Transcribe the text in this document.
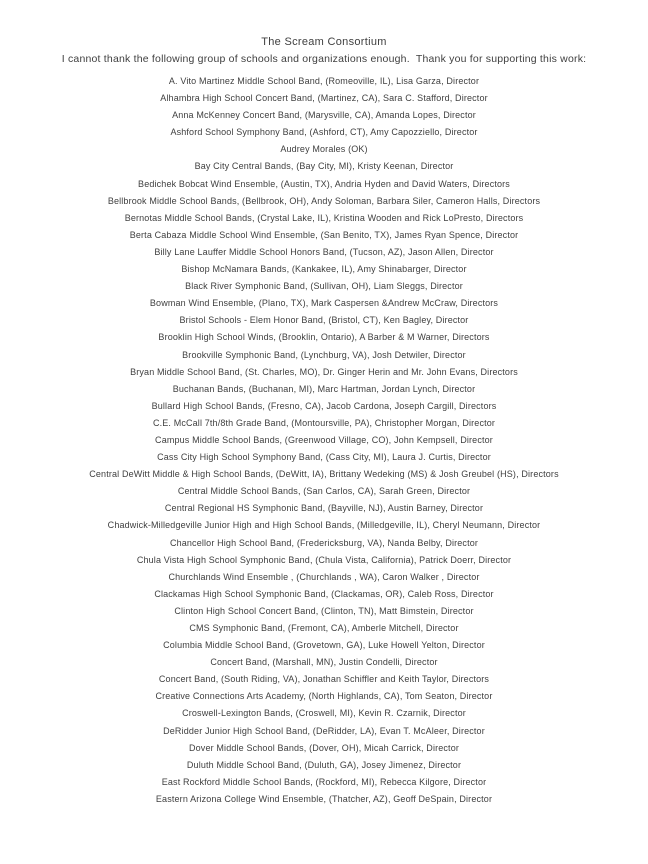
The Scream Consortium
I cannot thank the following group of schools and organizations enough.  Thank you for supporting this work:

A. Vito Martinez Middle School Band, (Romeoville, IL), Lisa Garza, Director

Alhambra High School Concert Band, (Martinez, CA), Sara C. Stafford, Director

Anna McKenney Concert Band, (Marysville, CA), Amanda Lopes, Director

Ashford School Symphony Band, (Ashford, CT), Amy Capozziello, Director

Audrey Morales (OK)

Bay City Central Bands, (Bay City, MI), Kristy Keenan, Director

Bedichek Bobcat Wind Ensemble, (Austin, TX), Andria Hyden and David Waters, Directors

Bellbrook Middle School Bands, (Bellbrook, OH), Andy Soloman, Barbara Siler, Cameron Halls, Directors

Bernotas Middle School Bands, (Crystal Lake, IL), Kristina Wooden and Rick LoPresto, Directors

Berta Cabaza Middle School Wind Ensemble, (San Benito, TX), James Ryan Spence, Director

Billy Lane Lauffer Middle School Honors Band, (Tucson, AZ), Jason Allen, Director

Bishop McNamara Bands, (Kankakee, IL), Amy Shinabarger, Director

Black River Symphonic Band, (Sullivan, OH), Liam Sleggs, Director

Bowman Wind Ensemble, (Plano, TX), Mark Caspersen &Andrew McCraw, Directors

Bristol Schools - Elem Honor Band, (Bristol, CT), Ken Bagley, Director

Brooklin High School Winds, (Brooklin, Ontario), A Barber & M Warner, Directors

Brookville Symphonic Band, (Lynchburg, VA), Josh Detwiler, Director

Bryan Middle School Band, (St. Charles, MO), Dr. Ginger Herin and Mr. John Evans, Directors

Buchanan Bands, (Buchanan, MI), Marc Hartman, Jordan Lynch, Director

Bullard High School Bands, (Fresno, CA), Jacob Cardona, Joseph Cargill, Directors

C.E. McCall 7th/8th Grade Band, (Montoursville, PA), Christopher Morgan, Director

Campus Middle School Bands, (Greenwood Village, CO), John Kempsell, Director

Cass City High School Symphony Band, (Cass City, MI), Laura J. Curtis, Director

Central DeWitt Middle & High School Bands, (DeWitt, IA), Brittany Wedeking (MS) & Josh Greubel (HS), Directors

Central Middle School Bands, (San Carlos, CA), Sarah Green, Director

Central Regional HS Symphonic Band, (Bayville, NJ), Austin Barney, Director

Chadwick-Milledgeville Junior High and High School Bands, (Milledgeville, IL), Cheryl Neumann, Director

Chancellor High School Band, (Fredericksburg, VA), Nanda Belby, Director

Chula Vista High School Symphonic Band, (Chula Vista, California), Patrick Doerr, Director

Churchlands Wind Ensemble , (Churchlands , WA), Caron Walker , Director

Clackamas High School Symphonic Band, (Clackamas, OR), Caleb Ross, Director

Clinton High School Concert Band, (Clinton, TN), Matt Bimstein, Director

CMS Symphonic Band, (Fremont, CA), Amberle Mitchell, Director

Columbia Middle School Band, (Grovetown, GA), Luke Howell Yelton, Director

Concert Band, (Marshall, MN), Justin Condelli, Director

Concert Band, (South Riding, VA), Jonathan Schiffler and Keith Taylor, Directors

Creative Connections Arts Academy, (North Highlands, CA), Tom Seaton, Director

Croswell-Lexington Bands, (Croswell, MI), Kevin R. Czarnik, Director

DeRidder Junior High School Band, (DeRidder, LA), Evan T. McAleer, Director

Dover Middle School Bands, (Dover, OH), Micah Carrick, Director

Duluth Middle School Band, (Duluth, GA), Josey Jimenez, Director

East Rockford Middle School Bands, (Rockford, MI), Rebecca Kilgore, Director

Eastern Arizona College Wind Ensemble, (Thatcher, AZ), Geoff DeSpain, Director
